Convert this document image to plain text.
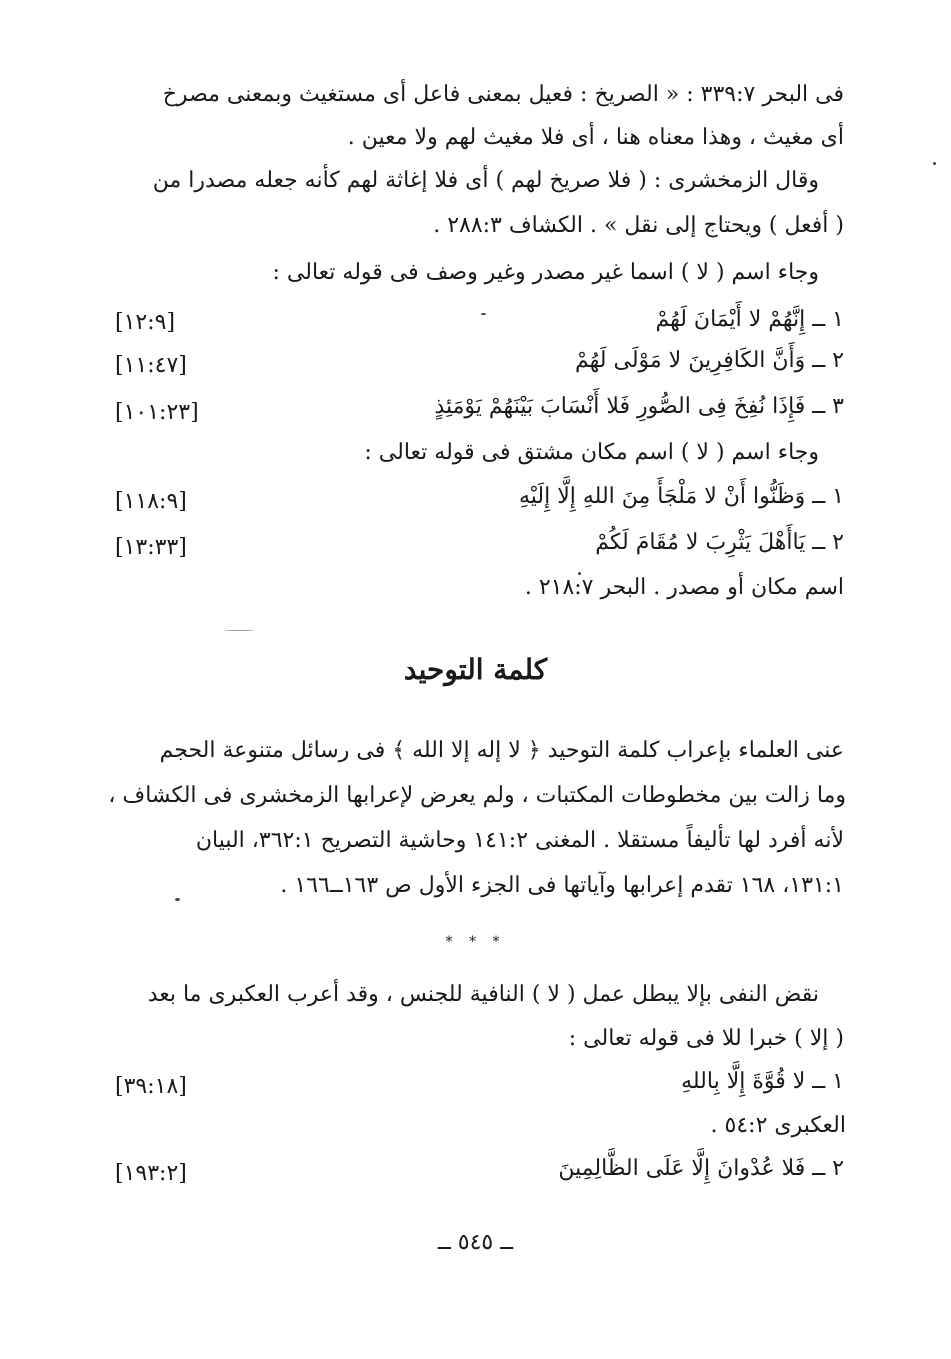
فى البحر ٣٣٩:٧ : « الصريخ : فعيل بمعنى فاعل أى مستغيث وبمعنى مصرخ
أى مغيث ، وهذا معناه هنا ، أى فلا مغيث لهم ولا معين .
وقال الزمخشرى : ( فلا صريخ لهم ) أى فلا إغاثة لهم كأنه جعله مصدرا من
( أفعل ) ويحتاج إلى نقل » . الكشاف ٢٨٨:٣ .
وجاء اسم ( لا ) اسما غير مصدر وغير وصف فى قوله تعالى :
١ ــ إِنَّهُمْ لا أَيْمَانَ لَهُمْ
[١٢:٩]
٢ ــ وَأَنَّ الكَافِرِينَ لا مَوْلَى لَهُمْ
[١١:٤٧]
٣ ــ فَإِذَا نُفِخَ فِى الصُّورِ فَلا أَنْسَابَ بَيْنَهُمْ يَوْمَئِذٍ
[١٠١:٢٣]
وجاء اسم ( لا ) اسم مكان مشتق فى قوله تعالى :
١ ــ وَظَنُّوا أَنْ لا مَلْجَأَ مِنَ اللهِ إِلَّا إِلَيْهِ
[١١٨:٩]
٢ ــ يَاأَهْلَ يَثْرِبَ لا مُقَامَ لَكُمْ
[١٣:٣٣]
اسم مكان أو مصدر . البحر ٢١٨:٧ .
كلمة التوحيد
عنى العلماء بإعراب كلمة التوحيد ﴿ لا إله إلا الله ﴾ فى رسائل متنوعة الحجم
وما زالت بين مخطوطات المكتبات ، ولم يعرض لإعرابها الزمخشرى فى الكشاف ،
لأنه أفرد لها تأليفاً مستقلا . المغنى ١٤١:٢ وحاشية التصريح ٣٦٢:١، البيان
١٣١:١، ١٦٨ تقدم إعرابها وآياتها فى الجزء الأول ص ١٦٣ــ١٦٦ .
* * *
نقض النفى بإلا يبطل عمل ( لا ) النافية للجنس ، وقد أعرب العكبرى ما بعد
( إلا ) خبرا للا فى قوله تعالى :
١ ــ لا قُوَّةَ إِلَّا بِاللهِ
[٣٩:١٨]
العكبرى ٥٤:٢ .
٢ ــ فَلا عُدْوانَ إِلَّا عَلَى الظَّالِمِينَ
[١٩٣:٢]
ــ ٥٤٥ ــ
